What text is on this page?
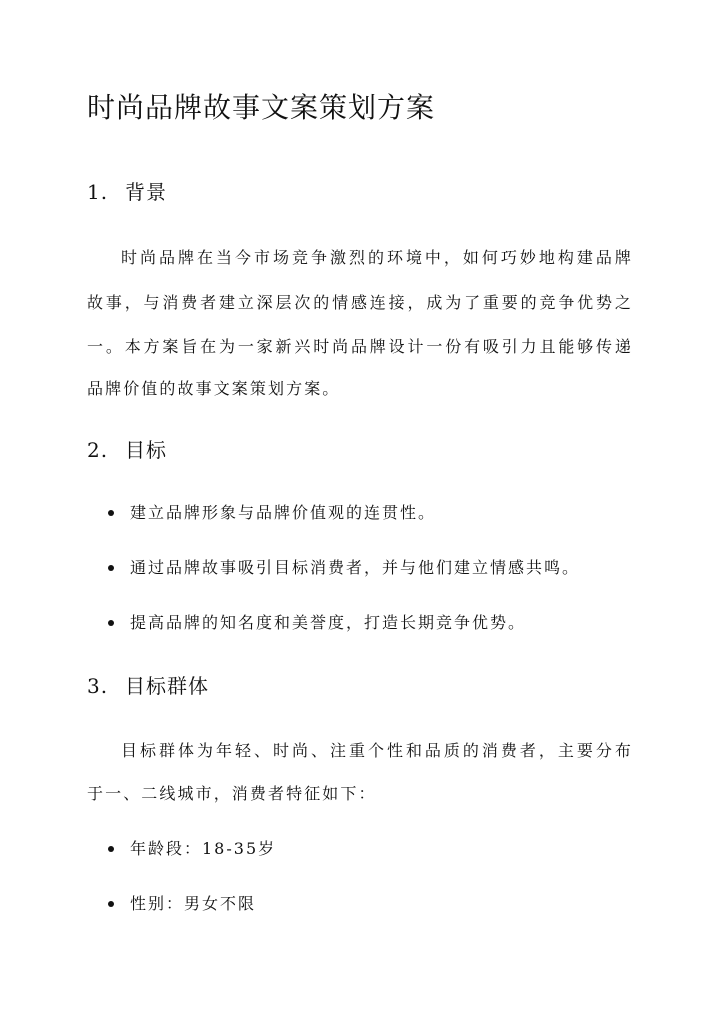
时尚品牌故事文案策划方案
1. 背景

时尚品牌在当今市场竞争激烈的环境中，如何巧妙地构建品牌

故事，与消费者建立深层次的情感连接，成为了重要的竞争优势之

一。本方案旨在为一家新兴时尚品牌设计一份有吸引力且能够传递

品牌价值的故事文案策划方案。

2. 目标

建立品牌形象与品牌价值观的连贯性。

通过品牌故事吸引目标消费者，并与他们建立情感共鸣。

提高品牌的知名度和美誉度，打造长期竞争优势。

3. 目标群体

目标群体为年轻、时尚、注重个性和品质的消费者，主要分布

于一、二线城市，消费者特征如下：

年龄段：18-35岁

性别：男女不限
